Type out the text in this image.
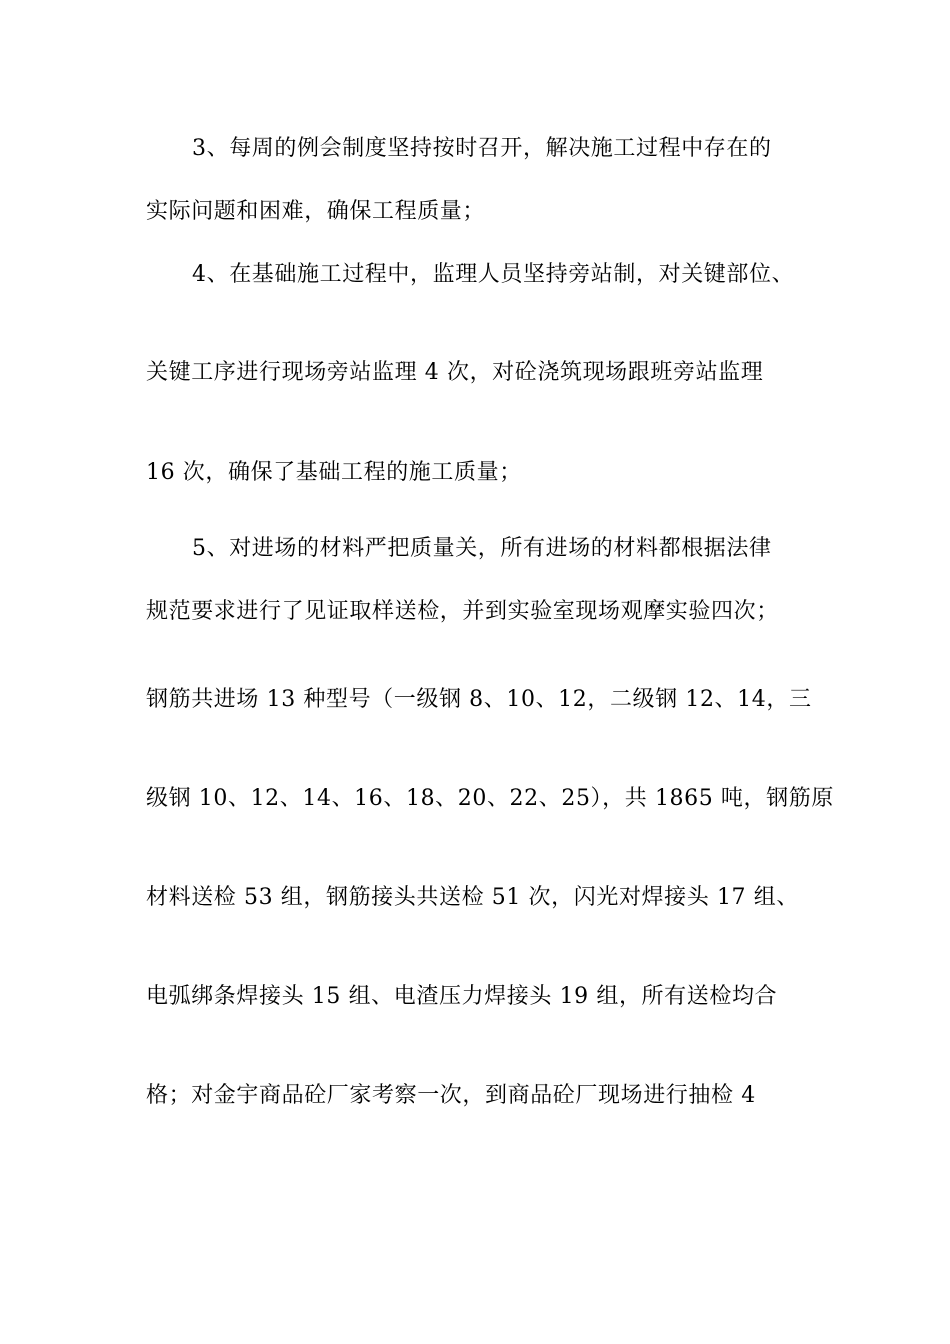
3、每周的例会制度坚持按时召开，解决施工过程中存在的
实际问题和困难，确保工程质量；
4、在基础施工过程中，监理人员坚持旁站制，对关键部位、
关键工序进行现场旁站监理 4 次，对砼浇筑现场跟班旁站监理
16 次，确保了基础工程的施工质量；
5、对进场的材料严把质量关，所有进场的材料都根据法律
规范要求进行了见证取样送检，并到实验室现场观摩实验四次；
钢筋共进场 13 种型号（一级钢 8、10、12，二级钢 12、14，三
级钢 10、12、14、16、18、20、22、25），共 1865 吨，钢筋原
材料送检 53 组，钢筋接头共送检 51 次，闪光对焊接头 17 组、
电弧绑条焊接头 15 组、电渣压力焊接头 19 组，所有送检均合
格；对金宇商品砼厂家考察一次，到商品砼厂现场进行抽检 4
